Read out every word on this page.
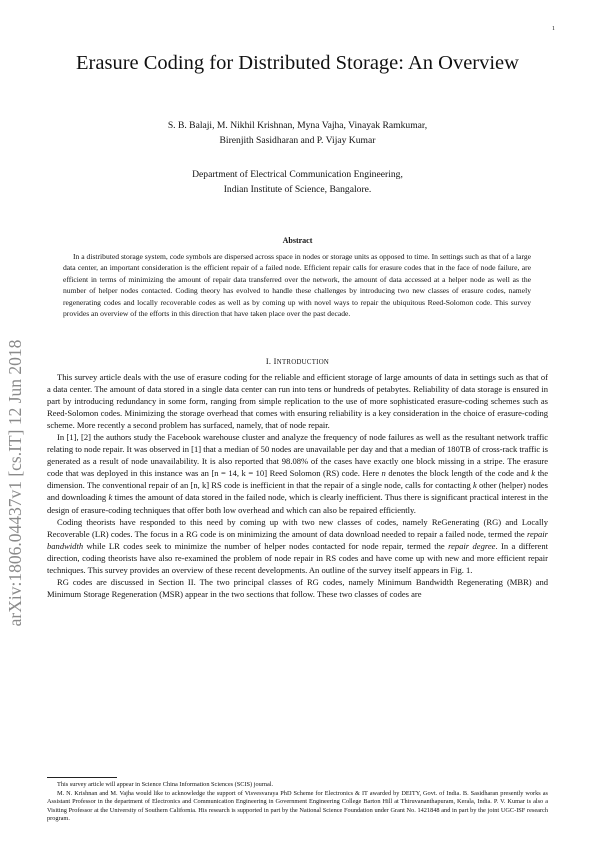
1
arXiv:1806.04437v1 [cs.IT] 12 Jun 2018
Erasure Coding for Distributed Storage: An Overview
S. B. Balaji, M. Nikhil Krishnan, Myna Vajha, Vinayak Ramkumar,
Birenjith Sasidharan and P. Vijay Kumar
Department of Electrical Communication Engineering,
Indian Institute of Science, Bangalore.
Abstract
In a distributed storage system, code symbols are dispersed across space in nodes or storage units as opposed to time. In settings such as that of a large data center, an important consideration is the efficient repair of a failed node. Efficient repair calls for erasure codes that in the face of node failure, are efficient in terms of minimizing the amount of repair data transferred over the network, the amount of data accessed at a helper node as well as the number of helper nodes contacted. Coding theory has evolved to handle these challenges by introducing two new classes of erasure codes, namely regenerating codes and locally recoverable codes as well as by coming up with novel ways to repair the ubiquitous Reed-Solomon code. This survey provides an overview of the efforts in this direction that have taken place over the past decade.
I. INTRODUCTION

This survey article deals with the use of erasure coding for the reliable and efficient storage of large amounts of data in settings such as that of a data center. The amount of data stored in a single data center can run into tens or hundreds of petabytes. Reliability of data storage is ensured in part by introducing redundancy in some form, ranging from simple replication to the use of more sophisticated erasure-coding schemes such as Reed-Solomon codes. Minimizing the storage overhead that comes with ensuring reliability is a key consideration in the choice of erasure-coding scheme. More recently a second problem has surfaced, namely, that of node repair.

In [1], [2] the authors study the Facebook warehouse cluster and analyze the frequency of node failures as well as the resultant network traffic relating to node repair. It was observed in [1] that a median of 50 nodes are unavailable per day and that a median of 180TB of cross-rack traffic is generated as a result of node unavailability. It is also reported that 98.08% of the cases have exactly one block missing in a stripe. The erasure code that was deployed in this instance was an [n = 14, k = 10] Reed Solomon (RS) code. Here n denotes the block length of the code and k the dimension. The conventional repair of an [n, k] RS code is inefficient in that the repair of a single node, calls for contacting k other (helper) nodes and downloading k times the amount of data stored in the failed node, which is clearly inefficient. Thus there is significant practical interest in the design of erasure-coding techniques that offer both low overhead and which can also be repaired efficiently.

Coding theorists have responded to this need by coming up with two new classes of codes, namely ReGenerating (RG) and Locally Recoverable (LR) codes. The focus in a RG code is on minimizing the amount of data download needed to repair a failed node, termed the repair bandwidth while LR codes seek to minimize the number of helper nodes contacted for node repair, termed the repair degree. In a different direction, coding theorists have also re-examined the problem of node repair in RS codes and have come up with new and more efficient repair techniques. This survey provides an overview of these recent developments. An outline of the survey itself appears in Fig. 1.

RG codes are discussed in Section II. The two principal classes of RG codes, namely Minimum Bandwidth Regenerating (MBR) and Minimum Storage Regeneration (MSR) appear in the two sections that follow. These two classes of codes are

This survey article will appear in Science China Information Sciences (SCIS) journal.

M. N. Krishnan and M. Vajha would like to acknowledge the support of Visvesvaraya PhD Scheme for Electronics & IT awarded by DEITY, Govt. of India. B. Sasidharan presently works as Assistant Professor in the department of Electronics and Communication Engineering in Government Engineering College Barton Hill at Thiruvananthapuram, Kerala, India. P. V. Kumar is also a Visiting Professor at the University of Southern California. His research is supported in part by the National Science Foundation under Grant No. 1421848 and in part by the joint UGC-ISF research program.
